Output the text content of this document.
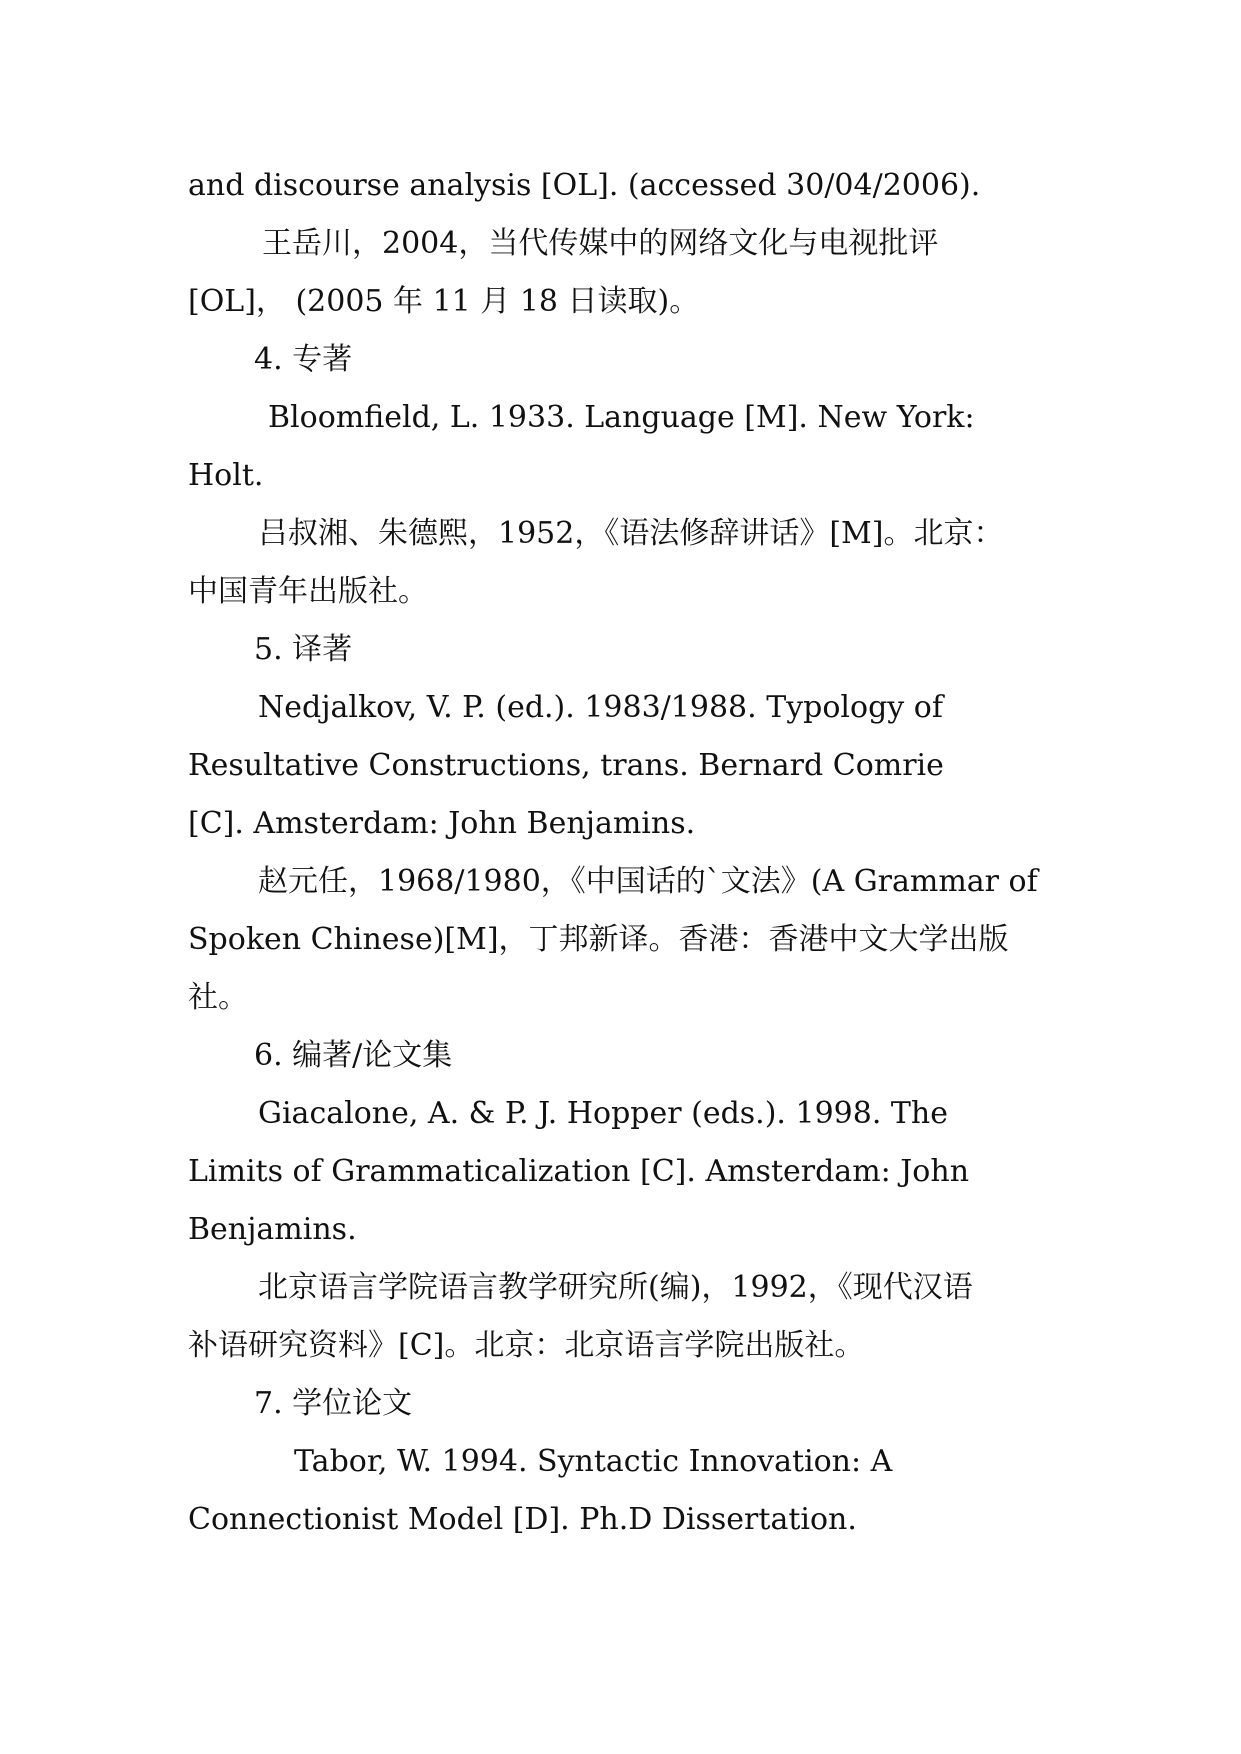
and discourse analysis [OL]. (accessed 30/04/2006).
王岳川，2004，当代传媒中的网络文化与电视批评
[OL]， (2005 年 11 月 18 日读取)。
4. 专著
Bloomfield, L. 1933. Language [M]. New York:
Holt.
吕叔湘、朱德熙，1952，《语法修辞讲话》[M]。北京：
中国青年出版社。
5. 译著
Nedjalkov, V. P. (ed.). 1983/1988. Typology of
Resultative Constructions, trans. Bernard Comrie
[C]. Amsterdam: John Benjamins.
赵元任，1968/1980，《中国话的`文法》(A Grammar of
Spoken Chinese)[M]，丁邦新译。香港：香港中文大学出版
社。
6. 编著/论文集
Giacalone, A. & P. J. Hopper (eds.). 1998. The
Limits of Grammaticalization [C]. Amsterdam: John
Benjamins.
北京语言学院语言教学研究所(编)，1992，《现代汉语
补语研究资料》[C]。北京：北京语言学院出版社。
7. 学位论文
Tabor, W. 1994. Syntactic Innovation: A
Connectionist Model [D]. Ph.D Dissertation.
